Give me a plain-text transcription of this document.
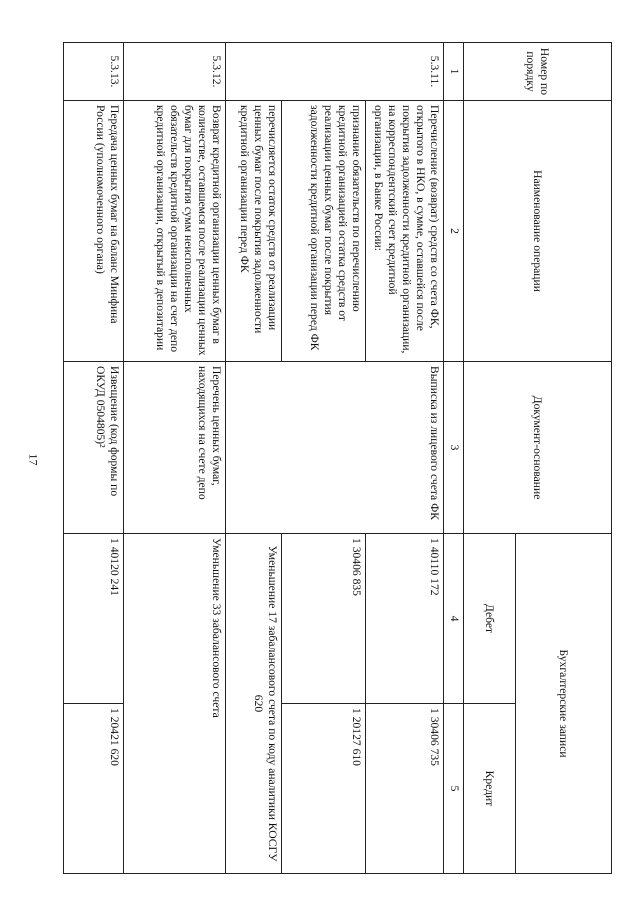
17
Номер по порядку	Наименование операции	Документ-основание	Бухгалтерские записи	
			Дебет	Кредит
1	2	3	4	5
5.3.11.	Перечисление (возврат) средств со счета ФК, открытого в НКО, в сумме, оставшейся после покрытия задолженности кредитной организации, на корреспондентский счет кредитной организации, в Банке России:	Выписка из лицевого счета ФК	1 40110 172	1 30406 735
	признание обязательств по перечислению кредитной организацией остатка средств от реализации ценных бумаг после покрытия задолженности кредитной организации перед ФК		1 30406 835	1 20127 610
	перечисляется остаток средств от реализации ценных бумаг после покрытия задолженности кредитной организации перед ФК		Уменьшение 17 забалансового счета по коду аналитики КОСГУ 620	
5.3.12.	Возврат кредитной организации ценных бумаг в количестве, оставшемся после реализации ценных бумаг для покрытия сумм неисполненных обязательств кредитной организации на счет депо кредитной организации, открытый в депозитарии	Перечень ценных бумаг, находящихся на счете депо	Уменьшение 33 забалансового счета	
5.3.13.	Передача ценных бумаг на баланс Минфина России (уполномоченного органа)	Извещение (код формы по ОКУД 0504805)²	1 40120 241	1 20421 620
